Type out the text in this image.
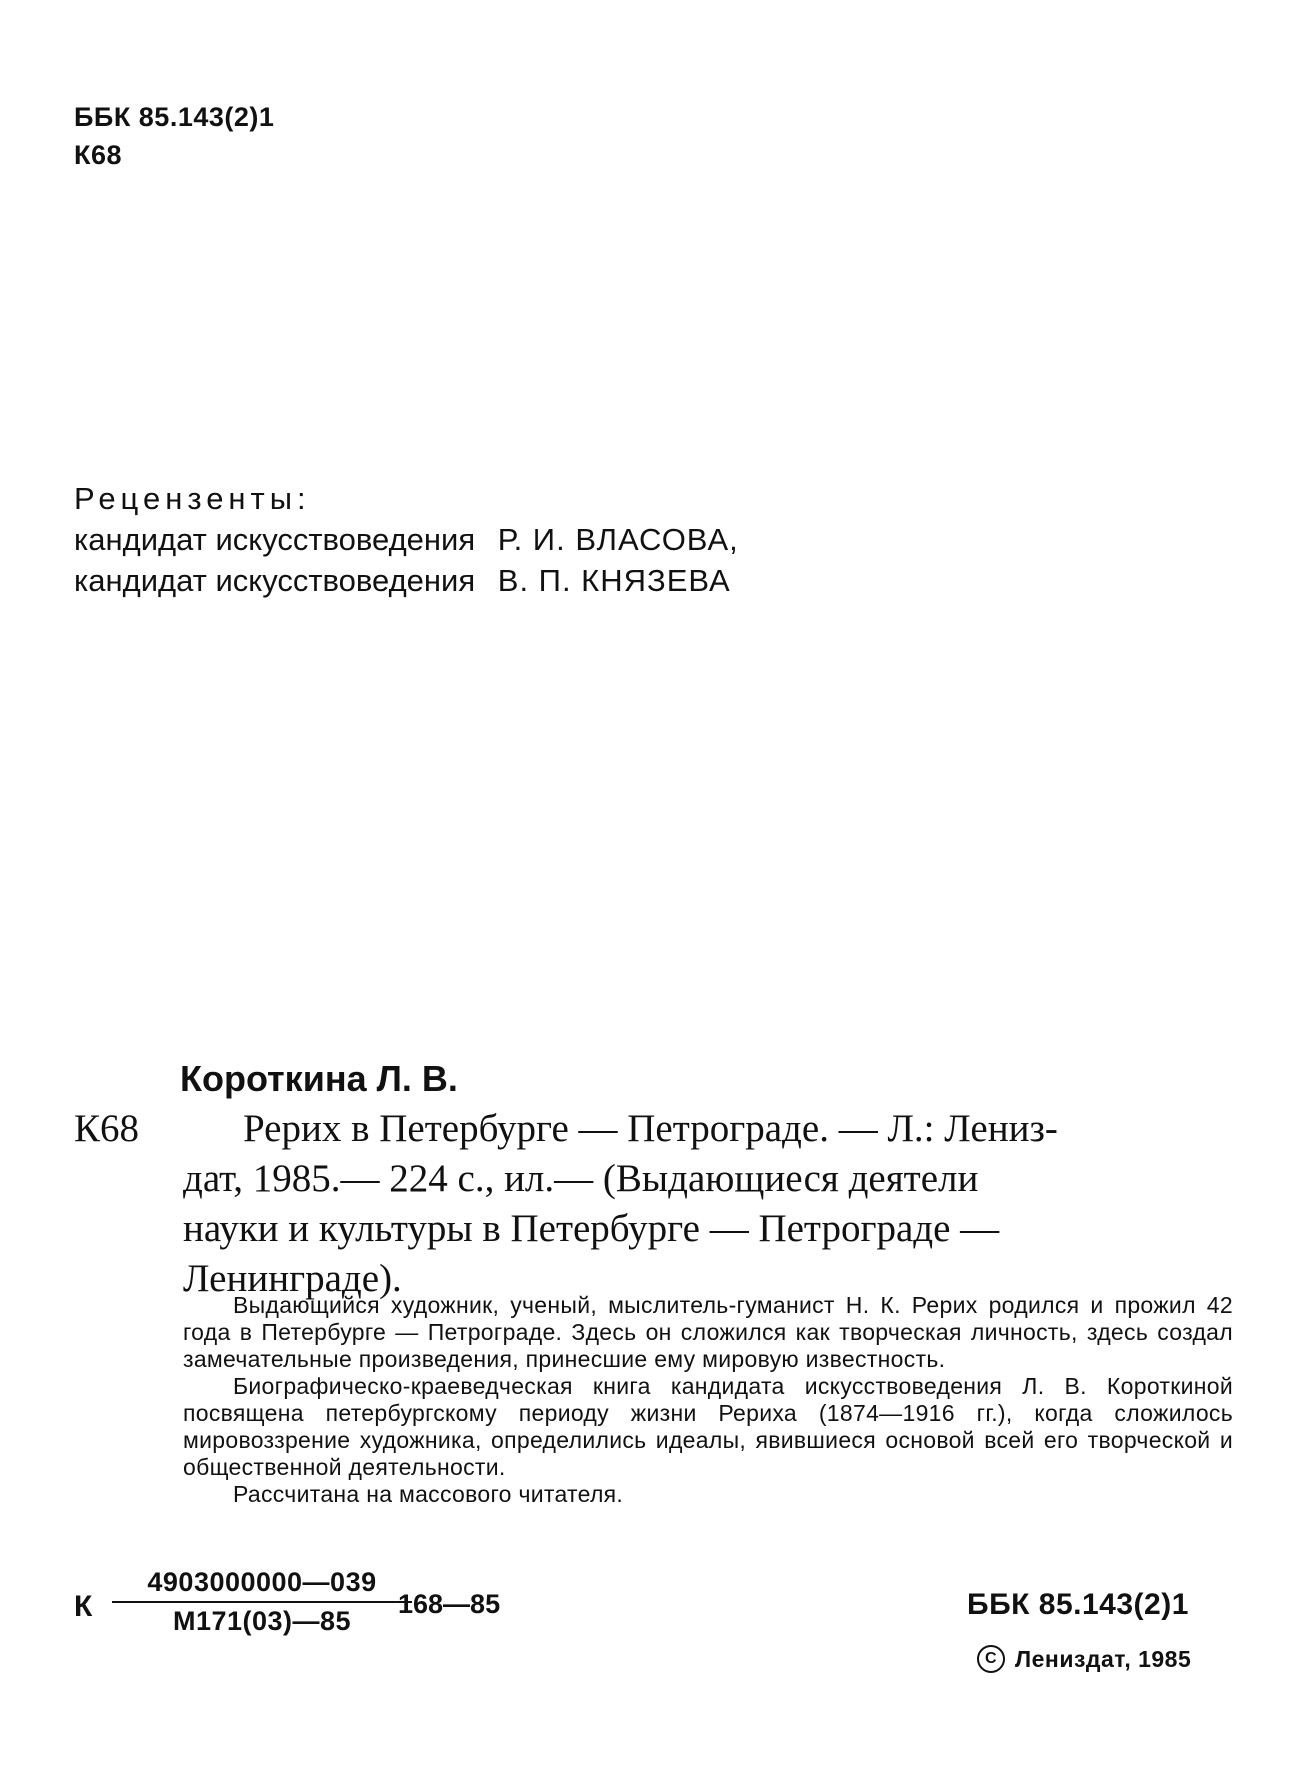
ББК 85.143(2)1
К68
Рецензенты:
кандидат искусствоведения Р. И. ВЛАСОВА,
кандидат искусствоведения В. П. КНЯЗЕВА
Короткина Л. В.
К68	Рерих в Петербурге — Петрограде. — Л.: Лениз-

дат, 1985.— 224 с., ил.— (Выдающиеся деятели

науки и культуры в Петербурге — Петрограде —

Ленинграде).

Выдающийся художник, ученый, мыслитель-гуманист Н. К. Рерих родился и прожил 42 года в Петербурге — Петрограде. Здесь он сложился как творческая личность, здесь создал замечательные произведения, принесшие ему мировую известность.

Биографическо-краеведческая книга кандидата искусствоведения Л. В. Короткиной посвящена петербургскому периоду жизни Рериха (1874—1916 гг.), когда сложилось мировоззрение художника, определились идеалы, явившиеся основой всей его творческой и общественной деятельности.

Рассчитана на массового читателя.

К
4903000000—039
М171(03)—85
168—85	ББК 85.143(2)1
C Лениздат, 1985
